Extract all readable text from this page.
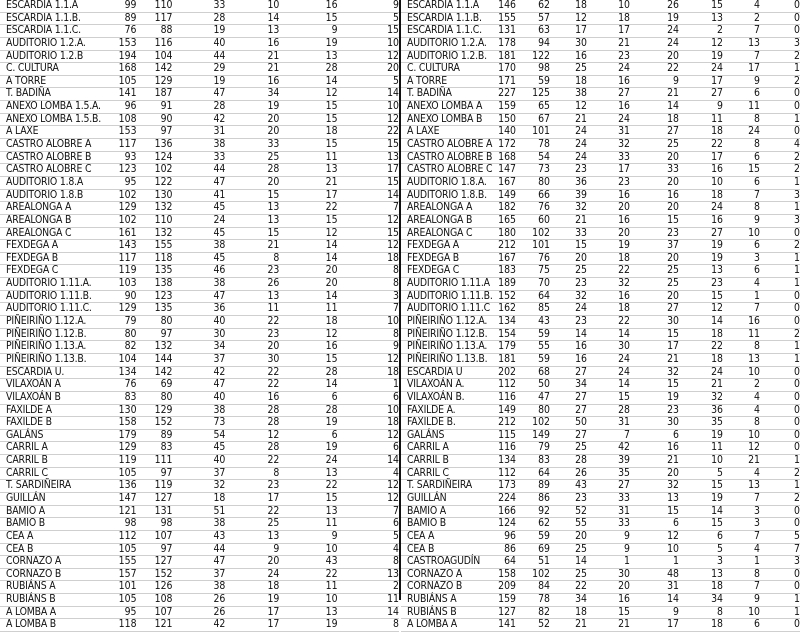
ESCARDIA 1.1.A	99	110	33	10	16	9
ESCARDIA 1.1.B.	89	117	28	14	15	5
ESCARDIA 1.1.C.	76	88	19	13	9	15
AUDITORIO 1.2.A.	153	116	40	16	19	10
AUDITORIO 1.2.B	194	104	44	21	13	12
C. CULTURA	168	142	29	21	28	20
A TORRE	105	129	19	16	14	5
T. BADIÑA	141	187	47	34	12	14
ANEXO LOMBA 1.5.A.	96	91	28	19	15	10
ANEXO LOMBA 1.5.B.	108	90	42	20	15	12
A LAXE	153	97	31	20	18	22
CASTRO ALOBRE A	117	136	38	33	15	15
CASTRO ALOBRE B	93	124	33	25	11	13
CASTRO ALOBRE C	123	102	44	28	13	17
AUDITORIO 1.8.A	95	122	47	20	21	15
AUDITORIO 1.8.B	102	130	41	15	17	14
AREALONGA A	129	132	45	13	22	7
AREALONGA B	102	110	24	13	15	12
AREALONGA C	161	132	45	15	12	15
FEXDEGA A	143	155	38	21	14	12
FEXDEGA B	117	118	45	8	14	18
FEXDEGA C	119	135	46	23	20	8
AUDITORIO 1.11.A.	103	138	38	26	20	8
AUDITORIO 1.11.B.	90	123	47	13	14	3
AUDITORIO 1.11.C.	129	135	36	11	11	7
PIÑEIRIÑO 1.12.A.	79	80	40	22	18	10
PIÑEIRIÑO 1.12.B.	80	97	30	23	12	8
PIÑEIRIÑO 1.13.A.	82	132	34	20	16	9
PIÑEIRIÑO 1.13.B.	104	144	37	30	15	12
ESCARDIA U.	134	142	42	22	28	18
VILAXOÁN A	76	69	47	22	14	1
VILAXOÁN B	83	80	40	16	6	6
FAXILDE A	130	129	38	28	28	10
FAXILDE B	158	152	73	28	19	18
GALÁNS	179	89	54	12	6	12
CARRIL A	129	83	45	28	19	6
CARRIL B	119	111	40	22	24	14
CARRIL C	105	97	37	8	13	4
T. SARDIÑEIRA	136	119	32	23	22	12
GUILLÁN	147	127	18	17	15	12
BAMIO A	121	131	51	22	13	7
BAMIO B	98	98	38	25	11	6
CEA A	112	107	43	13	9	5
CEA B	105	97	44	9	10	4
CORNAZO A	155	127	47	20	43	8
CORNAZO B	157	152	37	24	22	13
RUBIÁNS A	101	126	38	18	11	2
RUBIÁNS B	105	108	26	19	10	11
A LOMBA A	95	107	26	17	13	14
A LOMBA B	118	121	42	17	19	8
ESCARDIA 1.1.A	146	62	18	10	26	15	4	0
ESCARDIA 1.1.B.	155	57	12	18	19	13	2	0
ESCARDIA 1.1.C.	131	63	17	17	24	2	7	0
AUDITORIO 1.2.A.	178	94	30	21	24	12	13	3
AUDITORIO 1.2.B.	181	122	16	23	20	19	7	2
C. CULTURA	170	98	25	24	22	24	17	1
A TORRE	171	59	18	16	9	17	9	2
T. BADIÑA	227	125	38	27	21	27	6	0
ANEXO LOMBA A	159	65	12	16	14	9	11	0
ANEXO LOMBA B	150	67	21	24	18	11	8	1
A LAXE	140	101	24	31	27	18	24	0
CASTRO ALOBRE A	172	78	24	32	25	22	8	4
CASTRO ALOBRE B	168	54	24	33	20	17	6	2
CASTRO ALOBRE C	147	73	23	17	33	16	15	2
AUDITORIO 1.8.A.	167	80	36	23	20	10	6	1
AUDITORIO 1.8.B.	149	66	39	16	16	18	7	3
AREALONGA A	182	76	32	20	20	24	8	1
AREALONGA B	165	60	21	16	15	16	9	3
AREALONGA C	180	102	33	20	23	27	10	0
FEXDEGA A	212	101	15	19	37	19	6	2
FEXDEGA B	167	76	20	18	20	19	3	1
FEXDEGA C	183	75	25	22	25	13	6	1
AUDITORIO 1.11.A	189	70	23	32	25	23	4	1
AUDITORIO 1.11.B.	152	64	32	16	20	15	1	0
AUDITORIO 1.11.C	162	85	24	18	27	12	7	0
PIÑEIRIÑO 1.12.A.	134	43	23	22	30	14	16	0
PIÑEIRIÑO 1.12.B.	154	59	14	14	15	18	11	2
PIÑEIRIÑO 1.13.A.	179	55	16	30	17	22	8	1
PIÑEIRIÑO 1.13.B.	181	59	16	24	21	18	13	1
ESCARDIA U	202	68	27	24	32	24	10	0
VILAXOÁN A.	112	50	34	14	15	21	2	0
VILAXOÁN B.	116	47	27	15	19	32	4	0
FAXILDE A.	149	80	27	28	23	36	4	0
FAXILDE B.	212	102	50	31	30	35	8	0
GALÁNS	115	149	27	7	6	19	10	0
CARRIL A	116	79	25	42	16	11	12	0
CARRIL B	134	83	28	39	21	10	21	1
CARRIL C	112	64	26	35	20	5	4	2
T. SARDIÑEIRA	173	89	43	27	32	15	13	1
GUILLÁN	224	86	23	33	13	19	7	2
BAMIO A	166	92	52	31	15	14	3	0
BAMIO B	124	62	55	33	6	15	3	0
CEA A	96	59	20	9	12	6	7	5
CEA B	86	69	25	9	10	5	4	7
CASTROAGUDÍN	64	51	14	1	1	3	1	3
CORNAZO A	158	102	25	30	48	13	8	0
CORNAZO B	209	84	22	20	31	18	7	0
RUBIÁNS A	159	78	34	16	14	34	9	1
RUBIÁNS B	127	82	18	15	9	8	10	1
A LOMBA A	141	52	21	21	17	18	6	0
